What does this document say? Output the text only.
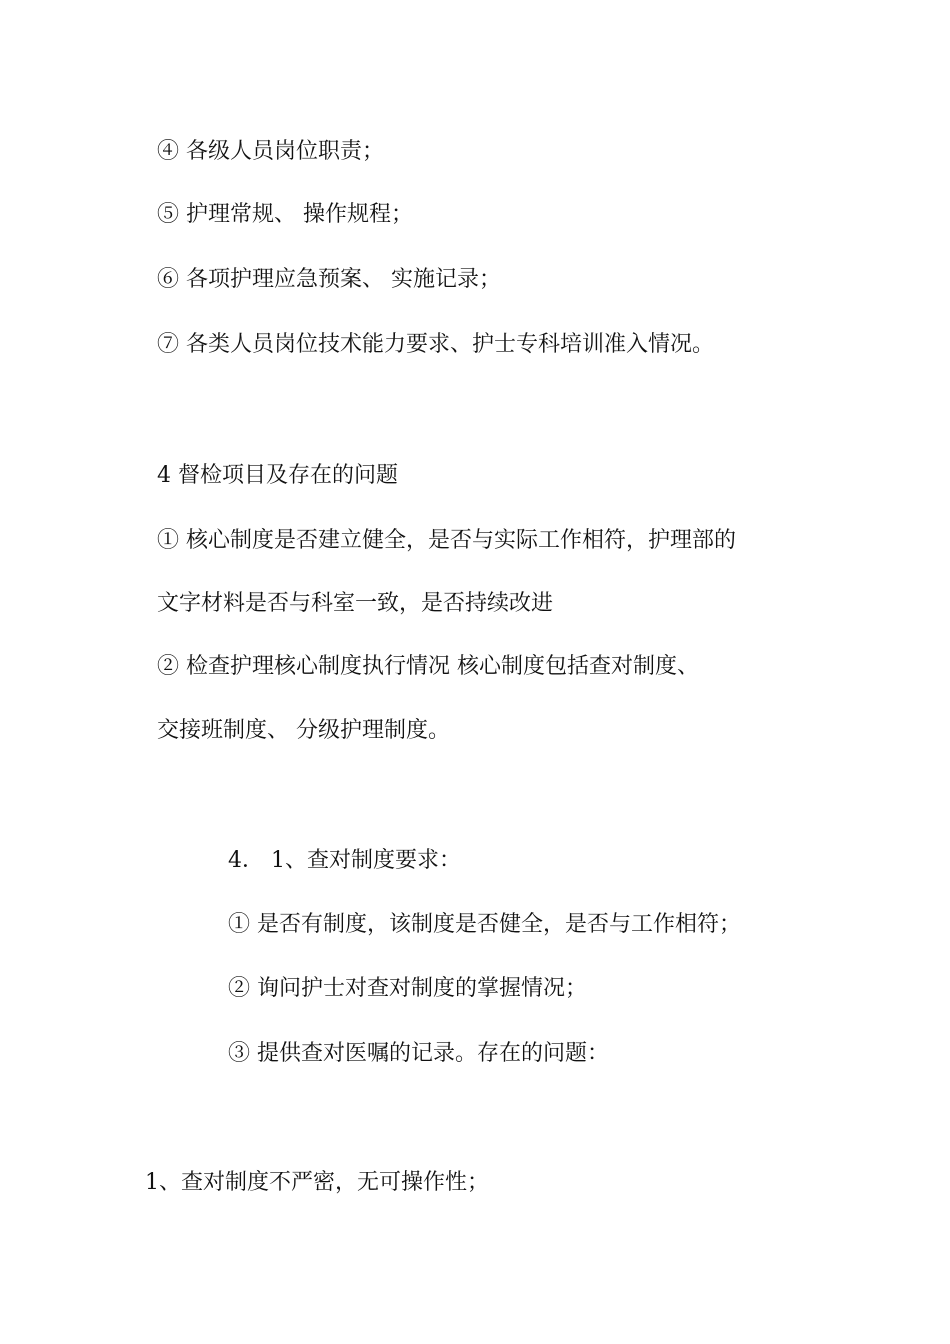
④ 各级人员岗位职责；

⑤ 护理常规、 操作规程；

⑥ 各项护理应急预案、 实施记录；

⑦ 各类人员岗位技术能力要求、护士专科培训准入情况。

4 督检项目及存在的问题

① 核心制度是否建立健全，是否与实际工作相符，护理部的

文字材料是否与科室一致，是否持续改进

② 检查护理核心制度执行情况 核心制度包括查对制度、

交接班制度、 分级护理制度。

4． 1、查对制度要求：

① 是否有制度，该制度是否健全，是否与工作相符；

② 询问护士对查对制度的掌握情况；

③ 提供查对医嘱的记录。存在的问题：

1、查对制度不严密，无可操作性；
